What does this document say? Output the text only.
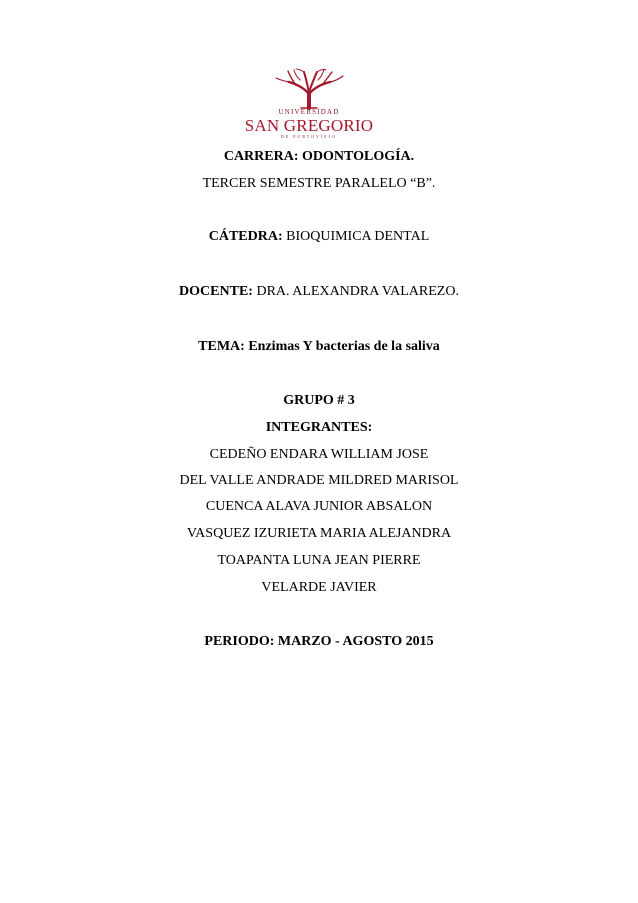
UNIVERSIDAD
SAN GREGORIO
DE PORTOVIEJO
CARRERA: ODONTOLOGÍA.
TERCER SEMESTRE PARALELO “B”.
CÁTEDRA: BIOQUIMICA DENTAL
DOCENTE: DRA. ALEXANDRA VALAREZO.
TEMA: Enzimas Y bacterias de la saliva
GRUPO # 3
INTEGRANTES:
CEDEÑO ENDARA WILLIAM JOSE
DEL VALLE ANDRADE MILDRED MARISOL
CUENCA ALAVA JUNIOR ABSALON
VASQUEZ IZURIETA MARIA ALEJANDRA
TOAPANTA LUNA JEAN PIERRE
VELARDE JAVIER
PERIODO: MARZO - AGOSTO 2015
